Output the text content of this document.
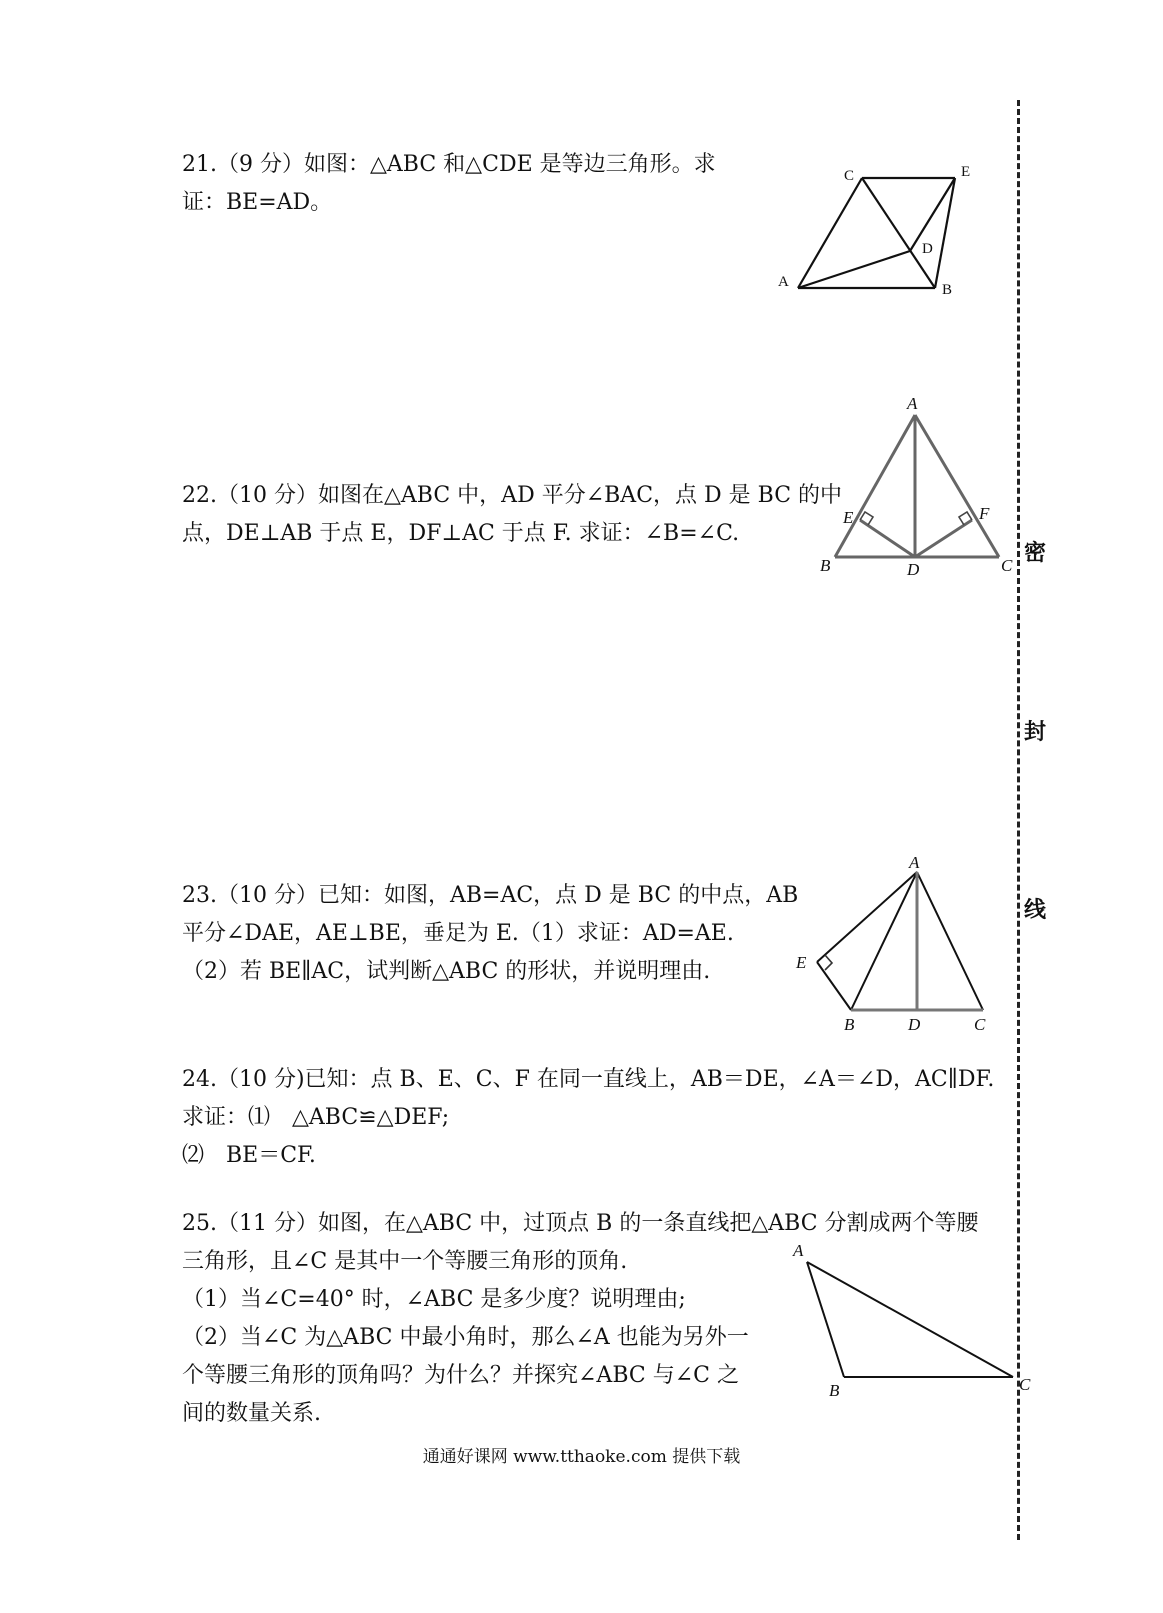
21.（9 分）如图：△ABC 和△CDE 是等边三角形。求

证：BE=AD。

C	E
D
A	B

22.（10 分）如图在△ABC 中，AD 平分∠BAC，点 D 是 BC 的中

点，DE⊥AB 于点 E，DF⊥AC 于点 F. 求证：∠B=∠C.

A
E	F
B	D	C

23.（10 分）已知：如图，AB=AC，点 D 是 BC 的中点，AB

平分∠DAE，AE⊥BE，垂足为 E.（1）求证：AD=AE.

（2）若 BE∥AC，试判断△ABC 的形状，并说明理由.

A
E
B	D	C

24.（10 分)已知：点 B、E、C、F 在同一直线上，AB＝DE，∠A＝∠D，AC∥DF.

求证：⑴　△ABC≌△DEF;

⑵　BE＝CF.

25.（11 分）如图，在△ABC 中，过顶点 B 的一条直线把△ABC 分割成两个等腰

三角形，且∠C 是其中一个等腰三角形的顶角.

（1）当∠C=40° 时，∠ABC 是多少度？说明理由;

（2）当∠C 为△ABC 中最小角时，那么∠A 也能为另外一

个等腰三角形的顶角吗？为什么？并探究∠ABC 与∠C 之

间的数量关系.

A
B	C
密
封
线
通通好课网 www.tthaoke.com 提供下载
